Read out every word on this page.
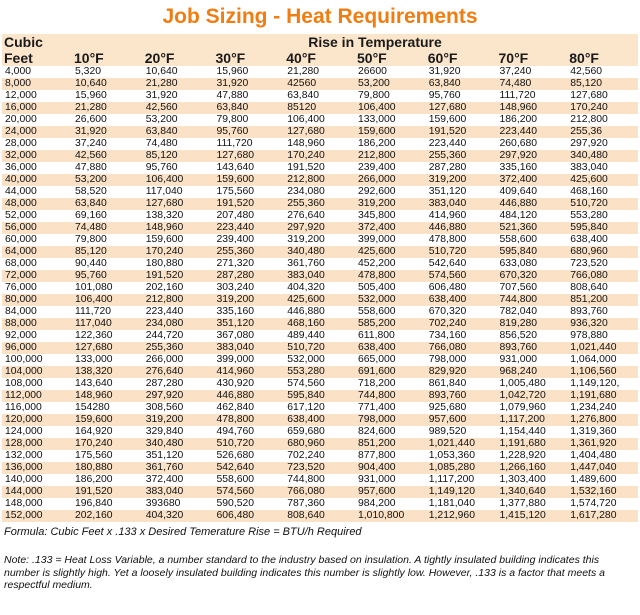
Job Sizing - Heat Requirements
Cubic	Rise in Temperature							
Feet	10°F	20°F	30°F	40°F	50°F	60°F	70°F	80°F
4,000	5,320	10,640	15,960	21,280	26600	31,920	37,240	42,560
8,000	10,640	21,280	31,920	42560	53,200	63,840	74,480	85,120
12,000	15,960	31,920	47,880	63,840	79,800	95,760	111,720	127,680
16,000	21,280	42,560	63,840	85120	106,400	127,680	148,960	170,240
20,000	26,600	53,200	79,800	106,400	133,000	159,600	186,200	212,800
24,000	31,920	63,840	95,760	127,680	159,600	191,520	223,440	255,36
28,000	37,240	74,480	111,720	148,960	186,200	223,440	260,680	297,920
32,000	42,560	85,120	127,680	170,240	212,800	255,360	297,920	340,480
36,000	47,880	95,760	143,640	191,520	239,400	287,280	335,160	383,040
40,000	53,200	106,400	159,600	212,800	266,000	319,200	372,400	425,600
44,000	58,520	117,040	175,560	234,080	292,600	351,120	409,640	468,160
48,000	63,840	127,680	191,520	255,360	319,200	383,040	446,880	510,720
52,000	69,160	138,320	207,480	276,640	345,800	414,960	484,120	553,280
56,000	74,480	148,960	223,440	297,920	372,400	446,880	521,360	595,840
60,000	79,800	159,600	239,400	319,200	399,000	478,800	558,600	638,400
64,000	85,120	170,240	255,360	340,480	425,600	510,720	595,840	680,960
68,000	90,440	180,880	271,320	361,760	452,200	542,640	633,080	723,520
72,000	95,760	191,520	287,280	383,040	478,800	574,560	670,320	766,080
76,000	101,080	202,160	303,240	404,320	505,400	606,480	707,560	808,640
80,000	106,400	212,800	319,200	425,600	532,000	638,400	744,800	851,200
84,000	111,720	223,440	335,160	446,880	558,600	670,320	782,040	893,760
88,000	117,040	234,080	351,120	468,160	585,200	702,240	819,280	936,320
92,000	122,360	244,720	367,080	489,440	611,800	734,160	856,520	978,880
96,000	127,680	255,360	383,040	510,720	638,400	766,080	893,760	1,021,440
100,000	133,000	266,000	399,000	532,000	665,000	798,000	931,000	1,064,000
104,000	138,320	276,640	414,960	553,280	691,600	829,920	968,240	1,106,560
108,000	143,640	287,280	430,920	574,560	718,200	861,840	1,005,480	1,149,120,
112,000	148,960	297,920	446,880	595,840	744,800	893,760	1,042,720	1,191,680
116,000	154280	308,560	462,840	617,120	771,400	925,680	1,079,960	1,234,240
120,000	159,600	319,200	478,800	638,400	798,000	957,600	1,117,200	1,276,800
124,000	164,920	329,840	494,760	659,680	824,600	989,520	1,154,440	1,319,360
128,000	170,240	340,480	510,720	680,960	851,200	1,021,440	1,191,680	1,361,920
132,000	175,560	351,120	526,680	702,240	877,800	1,053,360	1,228,920	1,404,480
136,000	180,880	361,760	542,640	723,520	904,400	1,085,280	1,266,160	1,447,040
140,000	186,200	372,400	558,600	744,800	931,000	1,117,200	1,303,400	1,489,600
144,000	191,520	383,040	574,560	766,080	957,600	1,149,120	1,340,640	1,532,160
148,000	196,840	393680	590,520	787,360	984,200	1,181,040	1,377,880	1,574,720
152,000	202,160	404,320	606,480	808,640	1,010,800	1,212,960	1,415,120	1,617,280
Formula: Cubic Feet x .133 x Desired Temerature Rise = BTU/h Required
Note: .133 = Heat Loss Variable, a number standard to the industry based on insulation. A tightly insulated building indicates this number is slightly high. Yet a loosely insulated building indicates this number is slightly low. However, .133 is a factor that meets a respectful medium.
